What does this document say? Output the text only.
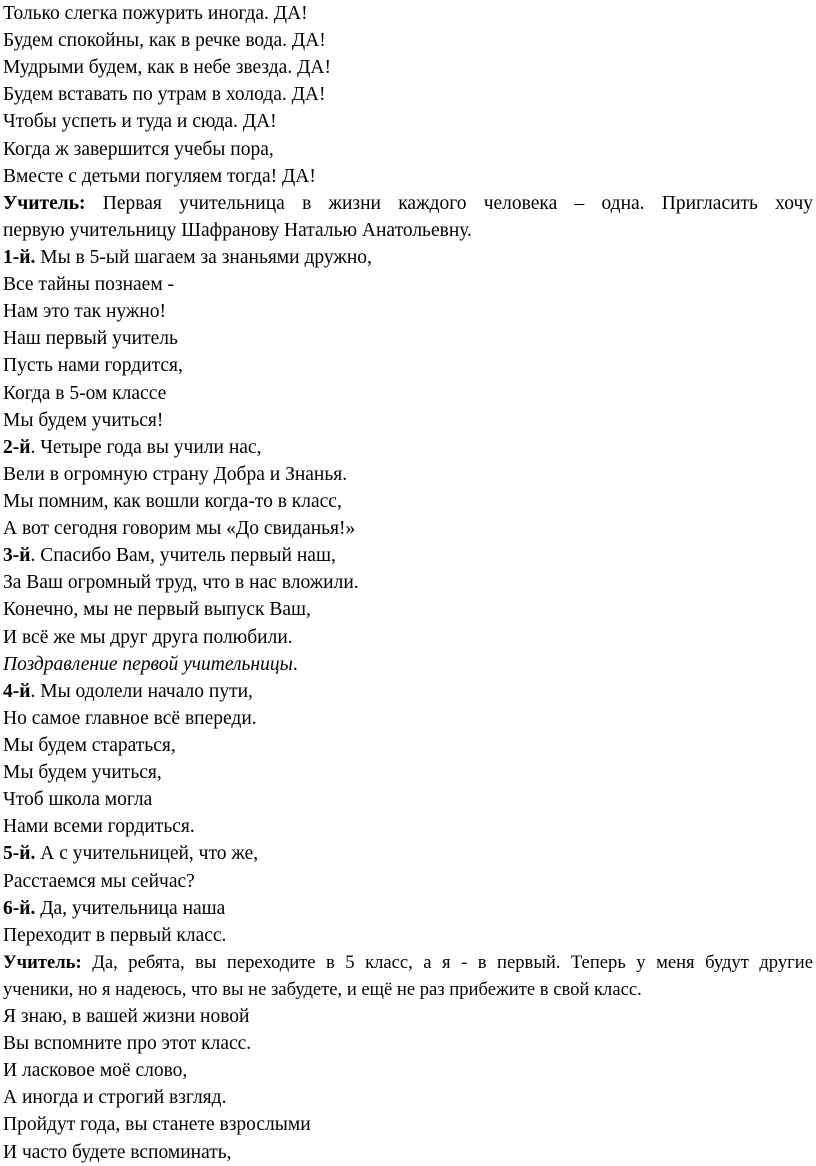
Только слегка пожурить иногда. ДА!
Будем спокойны, как в речке вода. ДА!
Мудрыми будем, как в небе звезда. ДА!
Будем вставать по утрам в холода. ДА!
Чтобы успеть и туда и сюда. ДА!
Когда ж завершится учебы пора,
Вместе с детьми погуляем тогда! ДА!
Учитель: Первая учительница в жизни каждого человека – одна. Пригласить хочу
первую учительницу Шафранову Наталью Анатольевну.
1-й. Мы в 5-ый шагаем за знаньями дружно,
Все тайны познаем -
Нам это так нужно!
Наш первый учитель
Пусть нами гордится,
Когда в 5-ом классе
Мы будем учиться!
2-й. Четыре года вы учили нас,
Вели в огромную страну Добра и Знанья.
Мы помним, как вошли когда-то в класс,
А вот сегодня говорим мы «До свиданья!»
3-й. Спасибо Вам, учитель первый наш,
За Ваш огромный труд, что в нас вложили.
Конечно, мы не первый выпуск Ваш,
И всё же мы друг друга полюбили.
Поздравление первой учительницы.
4-й. Мы одолели начало пути,
Но самое главное всё впереди.
Мы будем стараться,
Мы будем учиться,
Чтоб школа могла
Нами всеми гордиться.
5-й. А с учительницей, что же,
Расстаемся мы сейчас?
6-й. Да, учительница наша
Переходит в первый класс.
Учитель: Да, ребята, вы переходите в 5 класс, а я - в первый. Теперь у меня будут другие
ученики, но я надеюсь, что вы не забудете, и ещё не раз прибежите в свой класс.
Я знаю, в вашей жизни новой
Вы вспомните про этот класс.
И ласковое моё слово,
А иногда и строгий взгляд.
Пройдут года, вы станете взрослыми
И часто будете вспоминать,
